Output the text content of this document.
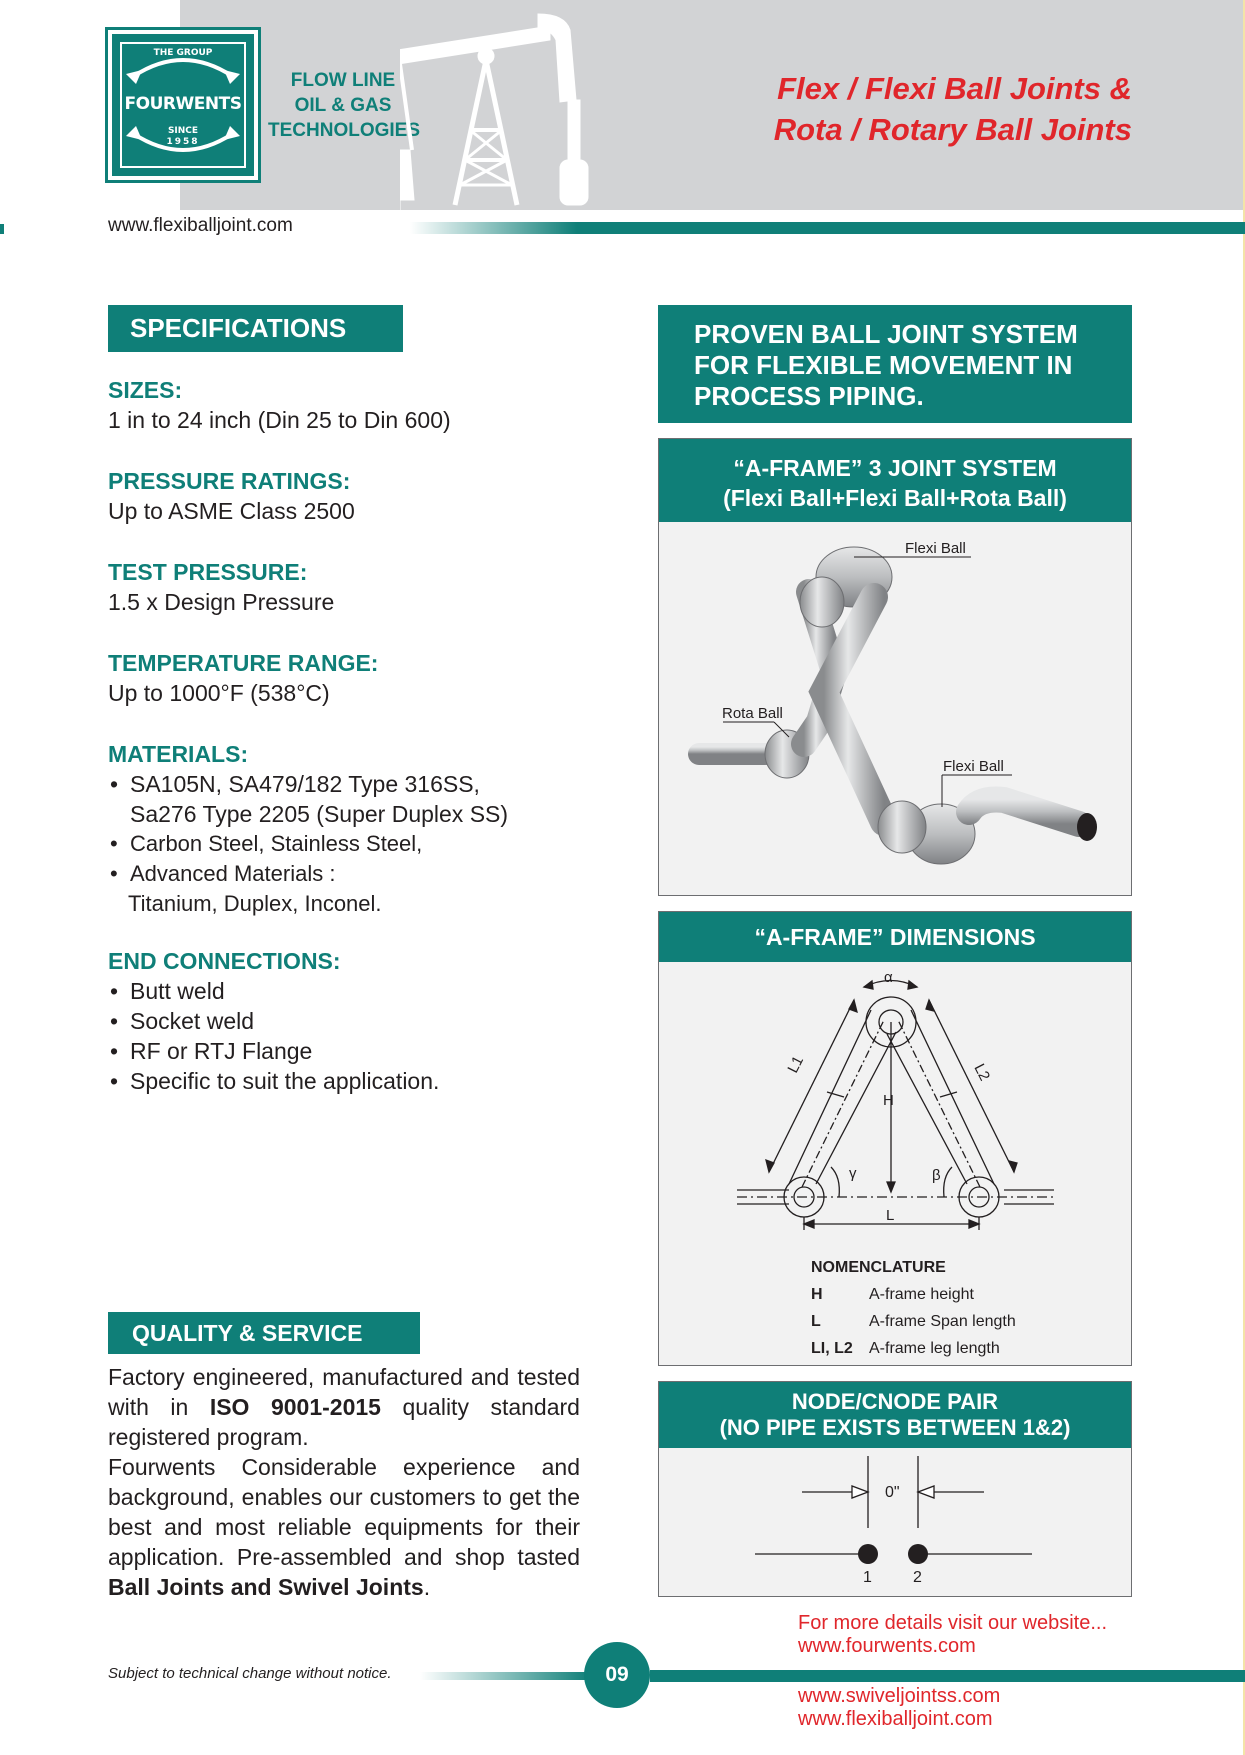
THE GROUP
FOURWENTS
SINCE
1958
FLOW LINE
OIL & GAS
TECHNOLOGIES
Flex / Flexi Ball Joints &
Rota / Rotary Ball Joints
www.flexiballjoint.com
SPECIFICATIONS
SIZES:
1 in to 24 inch (Din 25 to Din 600)
PRESSURE RATINGS:
Up to ASME Class 2500
TEST PRESSURE:
1.5 x Design Pressure
TEMPERATURE RANGE:
Up to 1000°F (538°C)
MATERIALS:
• SA105N, SA479/182 Type 316SS,
Sa276 Type 2205 (Super Duplex SS)
• Carbon Steel, Stainless Steel,
• Advanced Materials :
Titanium, Duplex, Inconel.
END CONNECTIONS:
• Butt weld
• Socket weld
• RF or RTJ Flange
• Specific to suit the application.
QUALITY & SERVICE
Factory engineered, manufactured and tested with in ISO 9001-2015 quality standard registered program.
Fourwents Considerable experience and background, enables our customers to get the best and most reliable equipments for their application. Pre-assembled and shop tasted Ball Joints and Swivel Joints.
PROVEN BALL JOINT SYSTEM
FOR FLEXIBLE MOVEMENT IN
PROCESS PIPING.
“A-FRAME” 3 JOINT SYSTEM
(Flexi Ball+Flexi Ball+Rota Ball)
Flexi Ball
Rota Ball
Flexi Ball
“A-FRAME” DIMENSIONS
α
L1	L2
H
γ	β
L
NOMENCLATURE
H	A-frame height
L	A-frame Span length
LI, L2	A-frame leg length
NODE/CNODE PAIR
(NO PIPE EXISTS BETWEEN 1&2)
0"
1	2
For more details visit our website...
www.fourwents.com
Subject to technical change without notice.	09
www.swiveljointss.com
www.flexiballjoint.com
